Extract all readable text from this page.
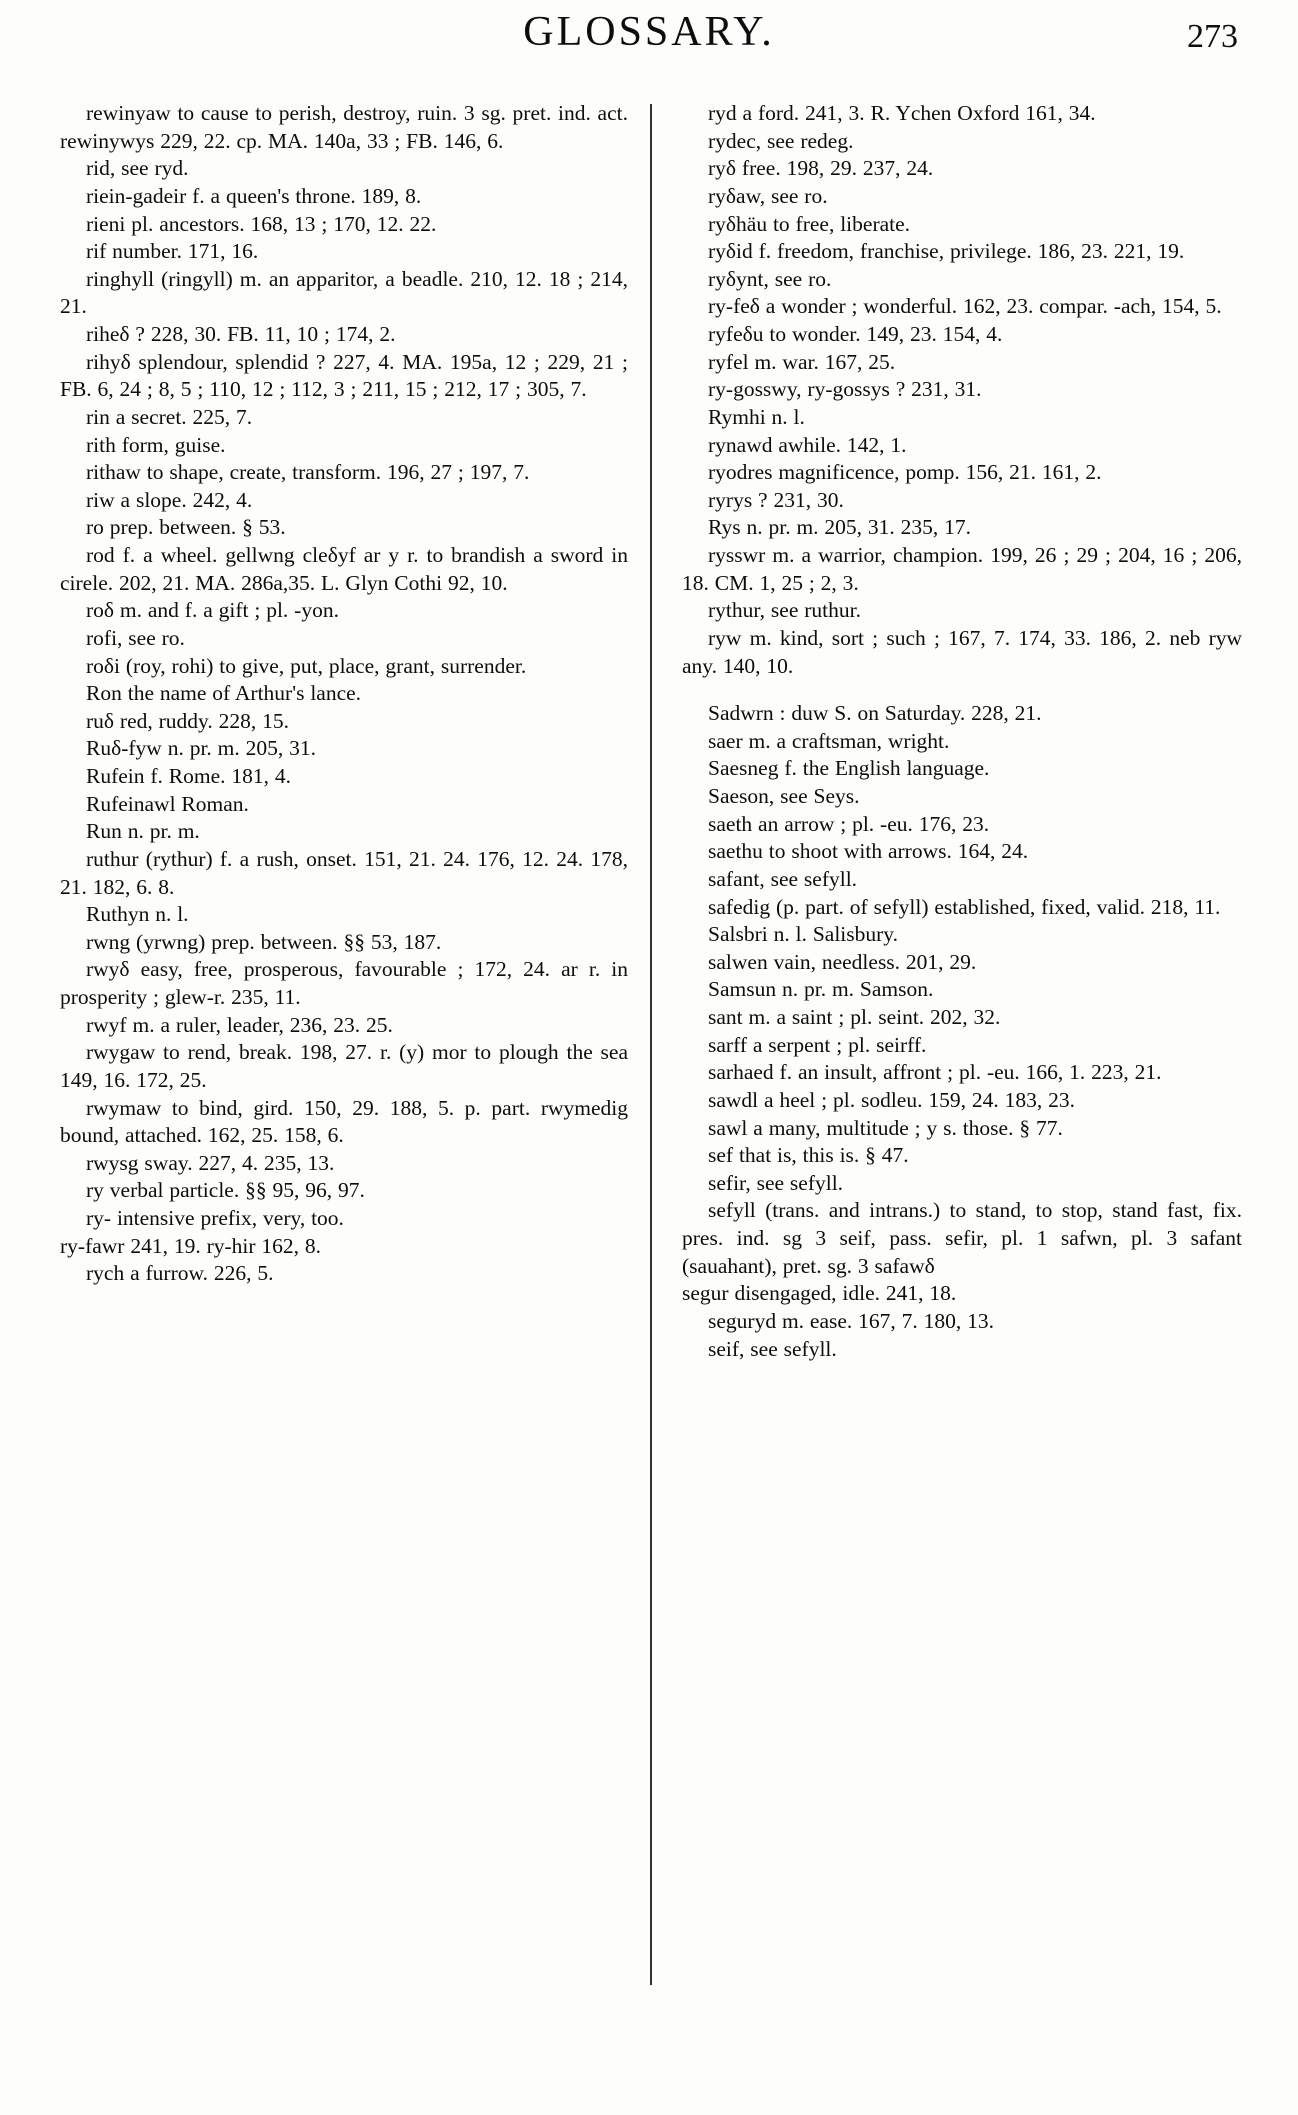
GLOSSARY.	273

rewinyaw to cause to perish, destroy, ruin. 3 sg. pret. ind. act. rewinywys 229, 22. cp. MA. 140a, 33 ; FB. 146, 6.

rid, see ryd.

riein-gadeir f. a queen's throne. 189, 8.

rieni pl. ancestors. 168, 13 ; 170, 12. 22.

rif number. 171, 16.

ringhyll (ringyll) m. an apparitor, a beadle. 210, 12. 18 ; 214, 21.

riheδ ? 228, 30. FB. 11, 10 ; 174, 2.

rihyδ splendour, splendid ? 227, 4. MA. 195a, 12 ; 229, 21 ; FB. 6, 24 ; 8, 5 ; 110, 12 ; 112, 3 ; 211, 15 ; 212, 17 ; 305, 7.

rin a secret. 225, 7.

rith form, guise.

rithaw to shape, create, transform. 196, 27 ; 197, 7.

riw a slope. 242, 4.

ro prep. between. § 53.

rod f. a wheel. gellwng cleδyf ar y r. to brandish a sword in cirele. 202, 21. MA. 286a,35. L. Glyn Cothi 92, 10.

roδ m. and f. a gift ; pl. -yon.

rofi, see ro.

roδi (roy, rohi) to give, put, place, grant, surrender.

Ron the name of Arthur's lance.

ruδ red, ruddy. 228, 15.

Ruδ-fyw n. pr. m. 205, 31.

Rufein f. Rome. 181, 4.

Rufeinawl Roman.

Run n. pr. m.

ruthur (rythur) f. a rush, onset. 151, 21. 24. 176, 12. 24. 178, 21. 182, 6. 8.

Ruthyn n. l.

rwng (yrwng) prep. between. §§ 53, 187.

rwyδ easy, free, prosperous, favourable ; 172, 24. ar r. in prosperity ; glew-r. 235, 11.

rwyf m. a ruler, leader, 236, 23. 25.

rwygaw to rend, break. 198, 27. r. (y) mor to plough the sea 149, 16. 172, 25.

rwymaw to bind, gird. 150, 29. 188, 5. p. part. rwymedig bound, attached. 162, 25. 158, 6.

rwysg sway. 227, 4. 235, 13.

ry verbal particle. §§ 95, 96, 97.

ry- intensive prefix, very, too.

ry-fawr 241, 19. ry-hir 162, 8.

rych a furrow. 226, 5.

ryd a ford. 241, 3. R. Ychen Oxford 161, 34.

rydec, see redeg.

ryδ free. 198, 29. 237, 24.

ryδaw, see ro.

ryδhäu to free, liberate.

ryδid f. freedom, franchise, privilege. 186, 23. 221, 19.

ryδynt, see ro.

ry-feδ a wonder ; wonderful. 162, 23. compar. -ach, 154, 5.

ryfeδu to wonder. 149, 23. 154, 4.

ryfel m. war. 167, 25.

ry-gosswy, ry-gossys ? 231, 31.

Rymhi n. l.

rynawd awhile. 142, 1.

ryodres magnificence, pomp. 156, 21. 161, 2.

ryrys ? 231, 30.

Rys n. pr. m. 205, 31. 235, 17.

rysswr m. a warrior, champion. 199, 26 ; 29 ; 204, 16 ; 206, 18. CM. 1, 25 ; 2, 3.

rythur, see ruthur.

ryw m. kind, sort ; such ; 167, 7. 174, 33. 186, 2. neb ryw any. 140, 10.

Sadwrn : duw S. on Saturday. 228, 21.

saer m. a craftsman, wright.

Saesneg f. the English language.

Saeson, see Seys.

saeth an arrow ; pl. -eu. 176, 23.

saethu to shoot with arrows. 164, 24.

safant, see sefyll.

safedig (p. part. of sefyll) established, fixed, valid. 218, 11.

Salsbri n. l. Salisbury.

salwen vain, needless. 201, 29.

Samsun n. pr. m. Samson.

sant m. a saint ; pl. seint. 202, 32.

sarff a serpent ; pl. seirff.

sarhaed f. an insult, affront ; pl. -eu. 166, 1. 223, 21.

sawdl a heel ; pl. sodleu. 159, 24. 183, 23.

sawl a many, multitude ; y s. those. § 77.

sef that is, this is. § 47.

sefir, see sefyll.

sefyll (trans. and intrans.) to stand, to stop, stand fast, fix. pres. ind. sg 3 seif, pass. sefir, pl. 1 safwn, pl. 3 safant (sauahant), pret. sg. 3 safawδ

segur disengaged, idle. 241, 18.

seguryd m. ease. 167, 7. 180, 13.

seif, see sefyll.
